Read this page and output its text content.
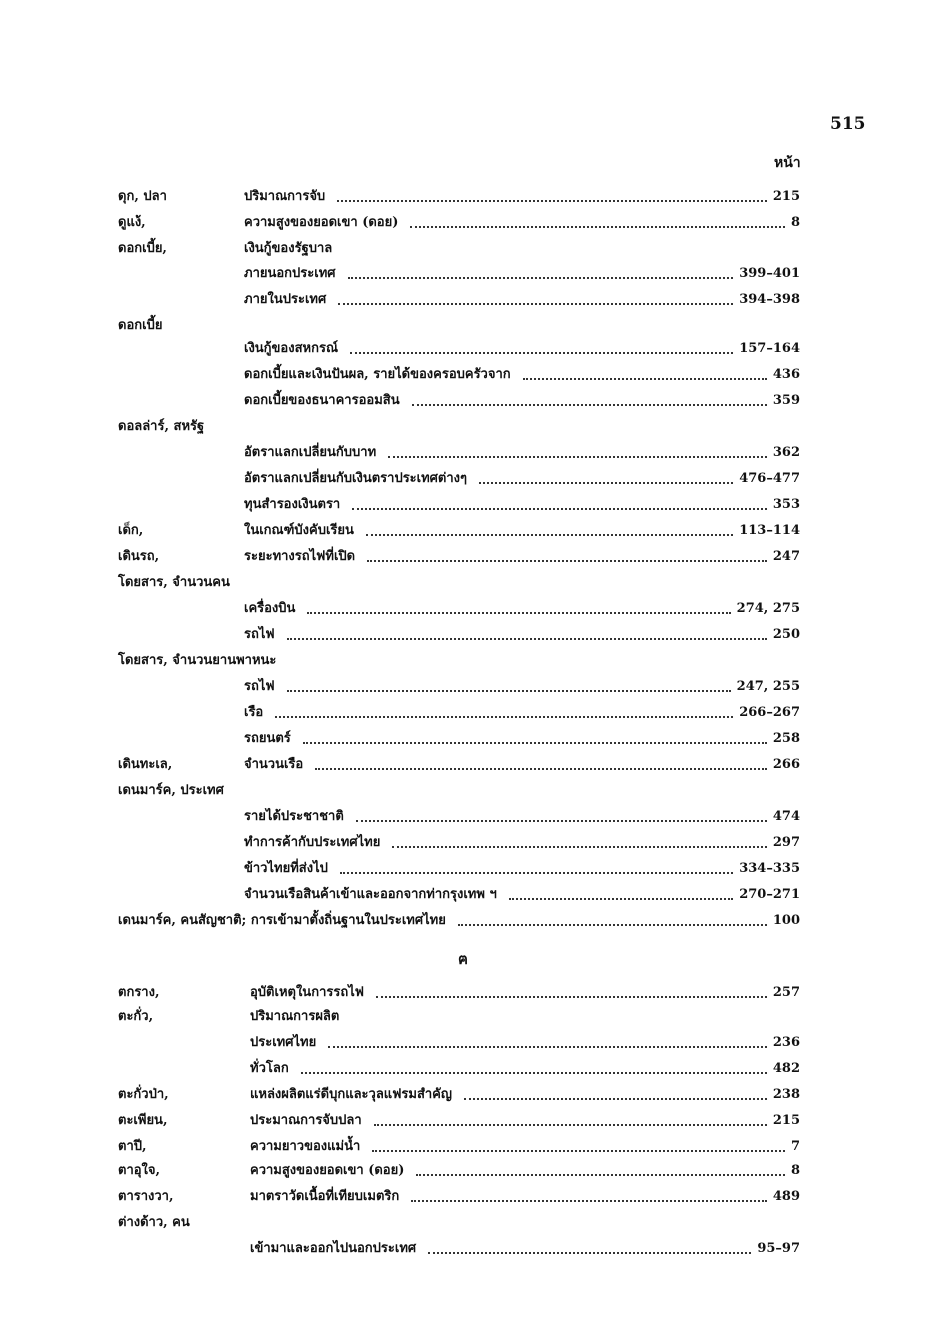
515
หน้า
ฅ
ดุก, ปลา	ปริมาณการจับ	215
ดูแง้,	ความสูงของยอดเขา (ดอย)	8
ดอกเบี้ย,	เงินกู้ของรัฐบาล
ภายนอกประเทศ	399–401
ภายในประเทศ	394–398
ดอกเบี้ย
เงินกู้ของสหกรณ์	157–164
ดอกเบี้ยและเงินปันผล, รายได้ของครอบครัวจาก	436
ดอกเบี้ยของธนาคารออมสิน	359
ดอลล่าร์, สหรัฐ
อัตราแลกเปลี่ยนกับบาท	362
อัตราแลกเปลี่ยนกับเงินตราประเทศต่างๆ	476–477
ทุนสำรองเงินตรา	353
เด็ก,	ในเกณฑ์บังคับเรียน	113–114
เดินรถ,	ระยะทางรถไฟที่เปิด	247
โดยสาร, จำนวนคน
เครื่องบิน	274, 275
รถไฟ	250
โดยสาร, จำนวนยานพาหนะ
รถไฟ	247, 255
เรือ	266–267
รถยนตร์	258
เดินทะเล,	จำนวนเรือ	266
เดนมาร์ค, ประเทศ
รายได้ประชาชาติ	474
ทำการค้ากับประเทศไทย	297
ข้าวไทยที่ส่งไป	334–335
จำนวนเรือสินค้าเข้าและออกจากท่ากรุงเทพ ฯ	270–271
เดนมาร์ค, คนสัญชาติ; การเข้ามาตั้งถิ่นฐานในประเทศไทย	100
ตกราง,	อุบัติเหตุในการรถไฟ	257
ตะกั่ว,	ปริมาณการผลิต
ประเทศไทย	236
ทั่วโลก	482
ตะกั่วป่า,	แหล่งผลิตแร่ดีบุกและวุลแฟรมสำคัญ	238
ตะเพียน,	ประมาณการจับปลา	215
ตาปี,	ความยาวของแม่น้ำ	7
ตาอุใจ,	ความสูงของยอดเขา (ดอย)	8
ตารางวา,	มาตราวัดเนื้อที่เทียบเมตริก	489
ต่างด้าว, คน
เข้ามาและออกไปนอกประเทศ	95–97
